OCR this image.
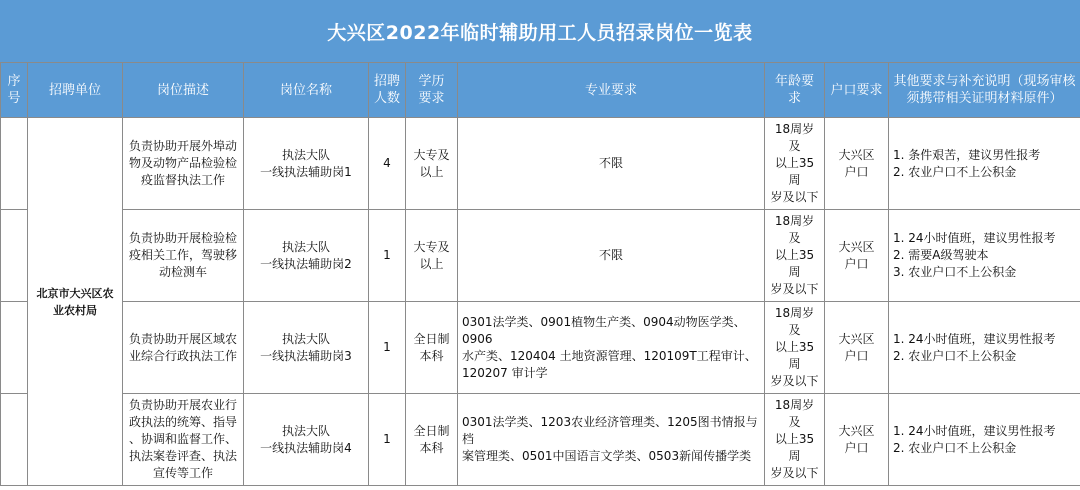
大兴区2022年临时辅助用工人员招录岗位一览表
序
号	招聘单位	岗位描述	岗位名称	招聘
人数	学历
要求	专业要求	年龄要求	户口要求	其他要求与补充说明（现场审核
须携带相关证明材料原件）
	北京市大兴区农
业农村局	负责协助开展外埠动
物及动物产品检验检
疫监督执法工作	执法大队
一线执法辅助岗1	4	大专及
以上	不限	18周岁及
以上35周
岁及以下	大兴区
户口	1. 条件艰苦，建议男性报考
2. 农业户口不上公积金
		负责协助开展检验检
疫相关工作，驾驶移
动检测车	执法大队
一线执法辅助岗2	1	大专及
以上	不限	18周岁及
以上35周
岁及以下	大兴区
户口	1. 24小时值班，建议男性报考
2. 需要A级驾驶本
3. 农业户口不上公积金
		负责协助开展区域农
业综合行政执法工作	执法大队
一线执法辅助岗3	1	全日制
本科	0301法学类、0901植物生产类、0904动物医学类、0906
水产类、120404 土地资源管理、120109T工程审计、
120207 审计学	18周岁及
以上35周
岁及以下	大兴区
户口	1. 24小时值班，建议男性报考
2. 农业户口不上公积金
		负责协助开展农业行
政执法的统筹、指导
、协调和监督工作、
执法案卷评查、执法
宣传等工作	执法大队
一线执法辅助岗4	1	全日制
本科	0301法学类、1203农业经济管理类、1205图书情报与档
案管理类、0501中国语言文学类、0503新闻传播学类	18周岁及
以上35周
岁及以下	大兴区
户口	1. 24小时值班，建议男性报考
2. 农业户口不上公积金
